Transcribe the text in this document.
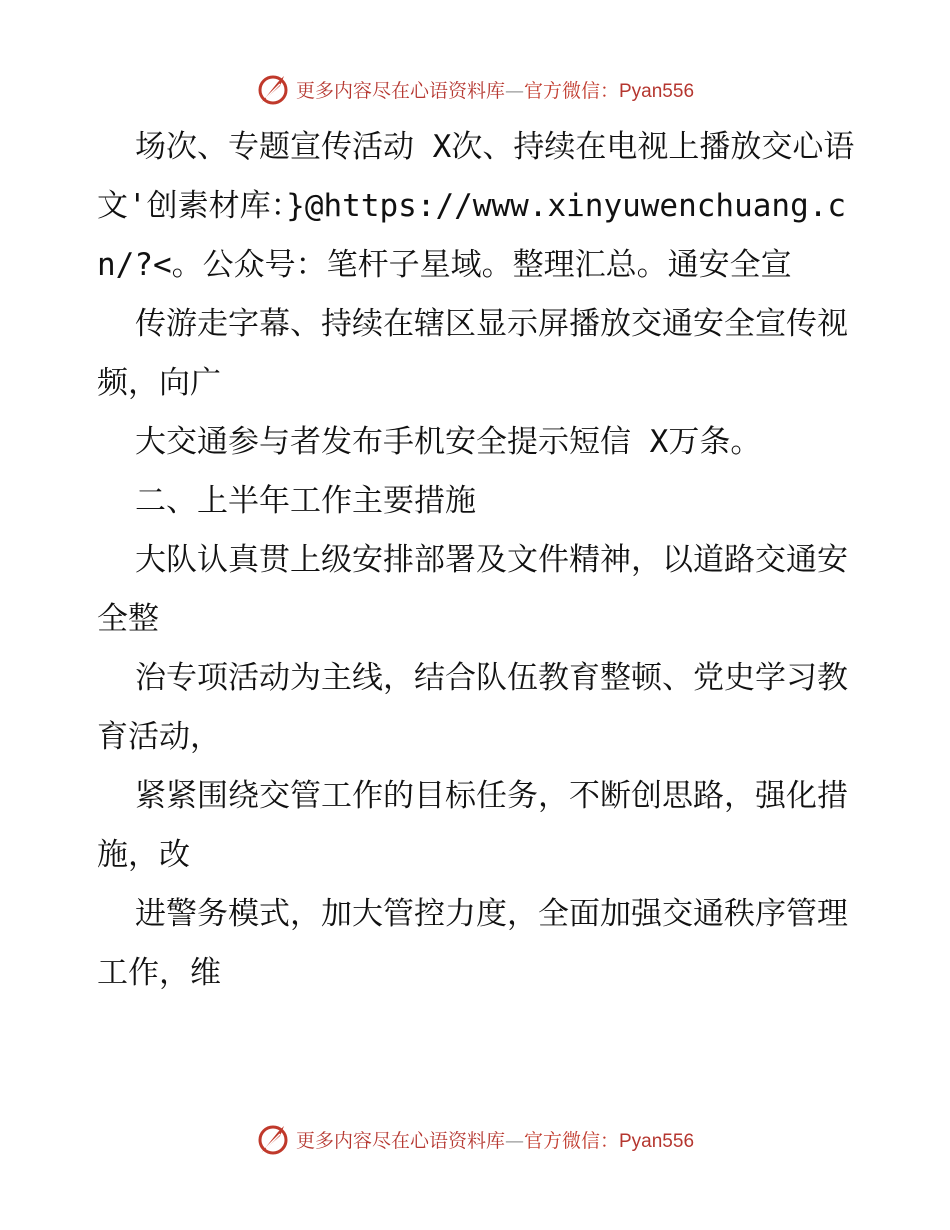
更多内容尽在心语资料库—官方微信：Pyan556

场次、专题宣传活动 X次、持续在电视上播放交心语文'创素材库：}@https://www.xinyuwenchuang.cn/?<。公众号：笔杆子星域。整理汇总。通安全宣

传游走字幕、持续在辖区显示屏播放交通安全宣传视频，向广

大交通参与者发布手机安全提示短信 X万条。

二、上半年工作主要措施

大队认真贯上级安排部署及文件精神，以道路交通安全整

治专项活动为主线，结合队伍教育整顿、党史学习教育活动，

紧紧围绕交管工作的目标任务，不断创思路，强化措施，改

进警务模式，加大管控力度，全面加强交通秩序管理工作，维

更多内容尽在心语资料库—官方微信：Pyan556
